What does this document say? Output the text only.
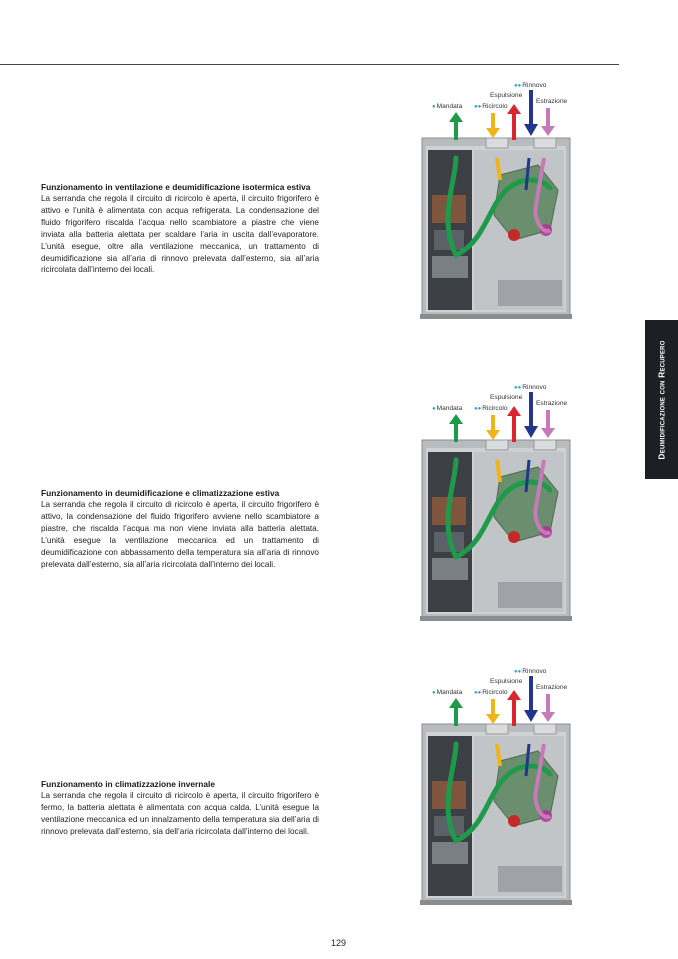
Deumidificazione con Recupero

Funzionamento in ventilazione e deumidificazione isotermica estiva

La serranda che regola il circuito di ricircolo è aperta, il circuito frigorifero è attivo e l’unità è alimentata con acqua refrigerata. La condensazione del fluido frigorifero riscalda l’acqua nello scambiatore a piastre che viene inviata alla batteria alettata per scaldare l’aria in uscita dall’evaporatore. L’unità esegue, oltre alla ventilazione meccanica, un trattamento di deumidificazione sia all’aria di rinnovo prelevata dall’esterno, sia all’aria ricircolata dall’interno dei locali.

Funzionamento in deumidificazione e climatizzazione estiva

La serranda che regola il circuito di ricircolo è aperta, il circuito frigorifero è attivo, la condensazione del fluido frigorifero avviene nello scambiatore a piastre, che riscalda l’acqua ma non viene inviata alla batteria alettata. L’unità esegue la ventilazione meccanica ed un trattamento di deumidificazione con abbassamento della temperatura sia all’aria di rinnovo prelevata dall’esterno, sia all’aria ricircolata dall’interno dei locali.

Funzionamento in climatizzazione invernale

La serranda che regola il circuito di ricircolo è aperta, il circuito frigorifero è fermo, la batteria alettata è alimentata con acqua calda. L’unità esegue la ventilazione meccanica ed un innalzamento della temperatura sia dell’aria di rinnovo prelevata dall’esterno, sia dell’aria ricircolata dall’interno dei locali.

●●Rinnovo
Espulsione
Estrazione
●Mandata ●●Ricircolo
●●Rinnovo
Espulsione
Estrazione
●Mandata ●●Ricircolo
●●Rinnovo
Espulsione
Estrazione
●Mandata ●●Ricircolo
129
